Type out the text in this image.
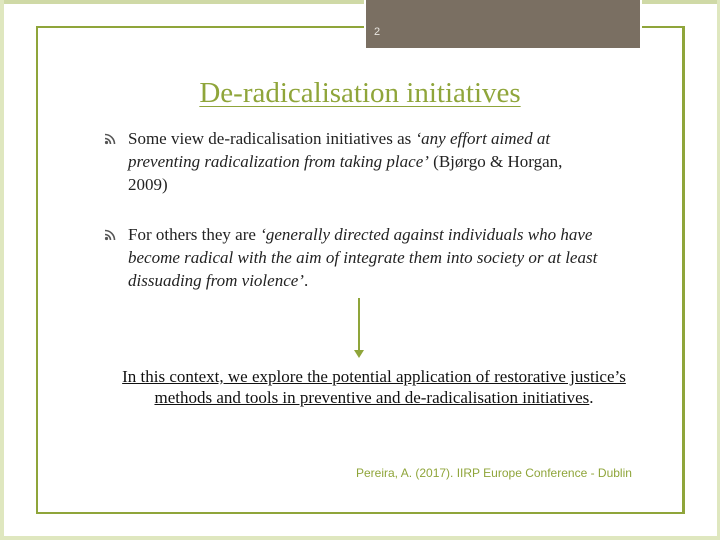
2
De-radicalisation initiatives
Some view de-radicalisation initiatives as ‘any effort aimed at preventing radicalization from taking place’ (Bjørgo & Horgan, 2009)
For others they are ‘generally directed against individuals who have become radical with the aim of integrate them into society or at least dissuading from violence’.
In this context, we explore the potential application of restorative justice’s methods and tools in preventive and de-radicalisation initiatives.
Pereira, A. (2017). IIRP Europe Conference - Dublin
